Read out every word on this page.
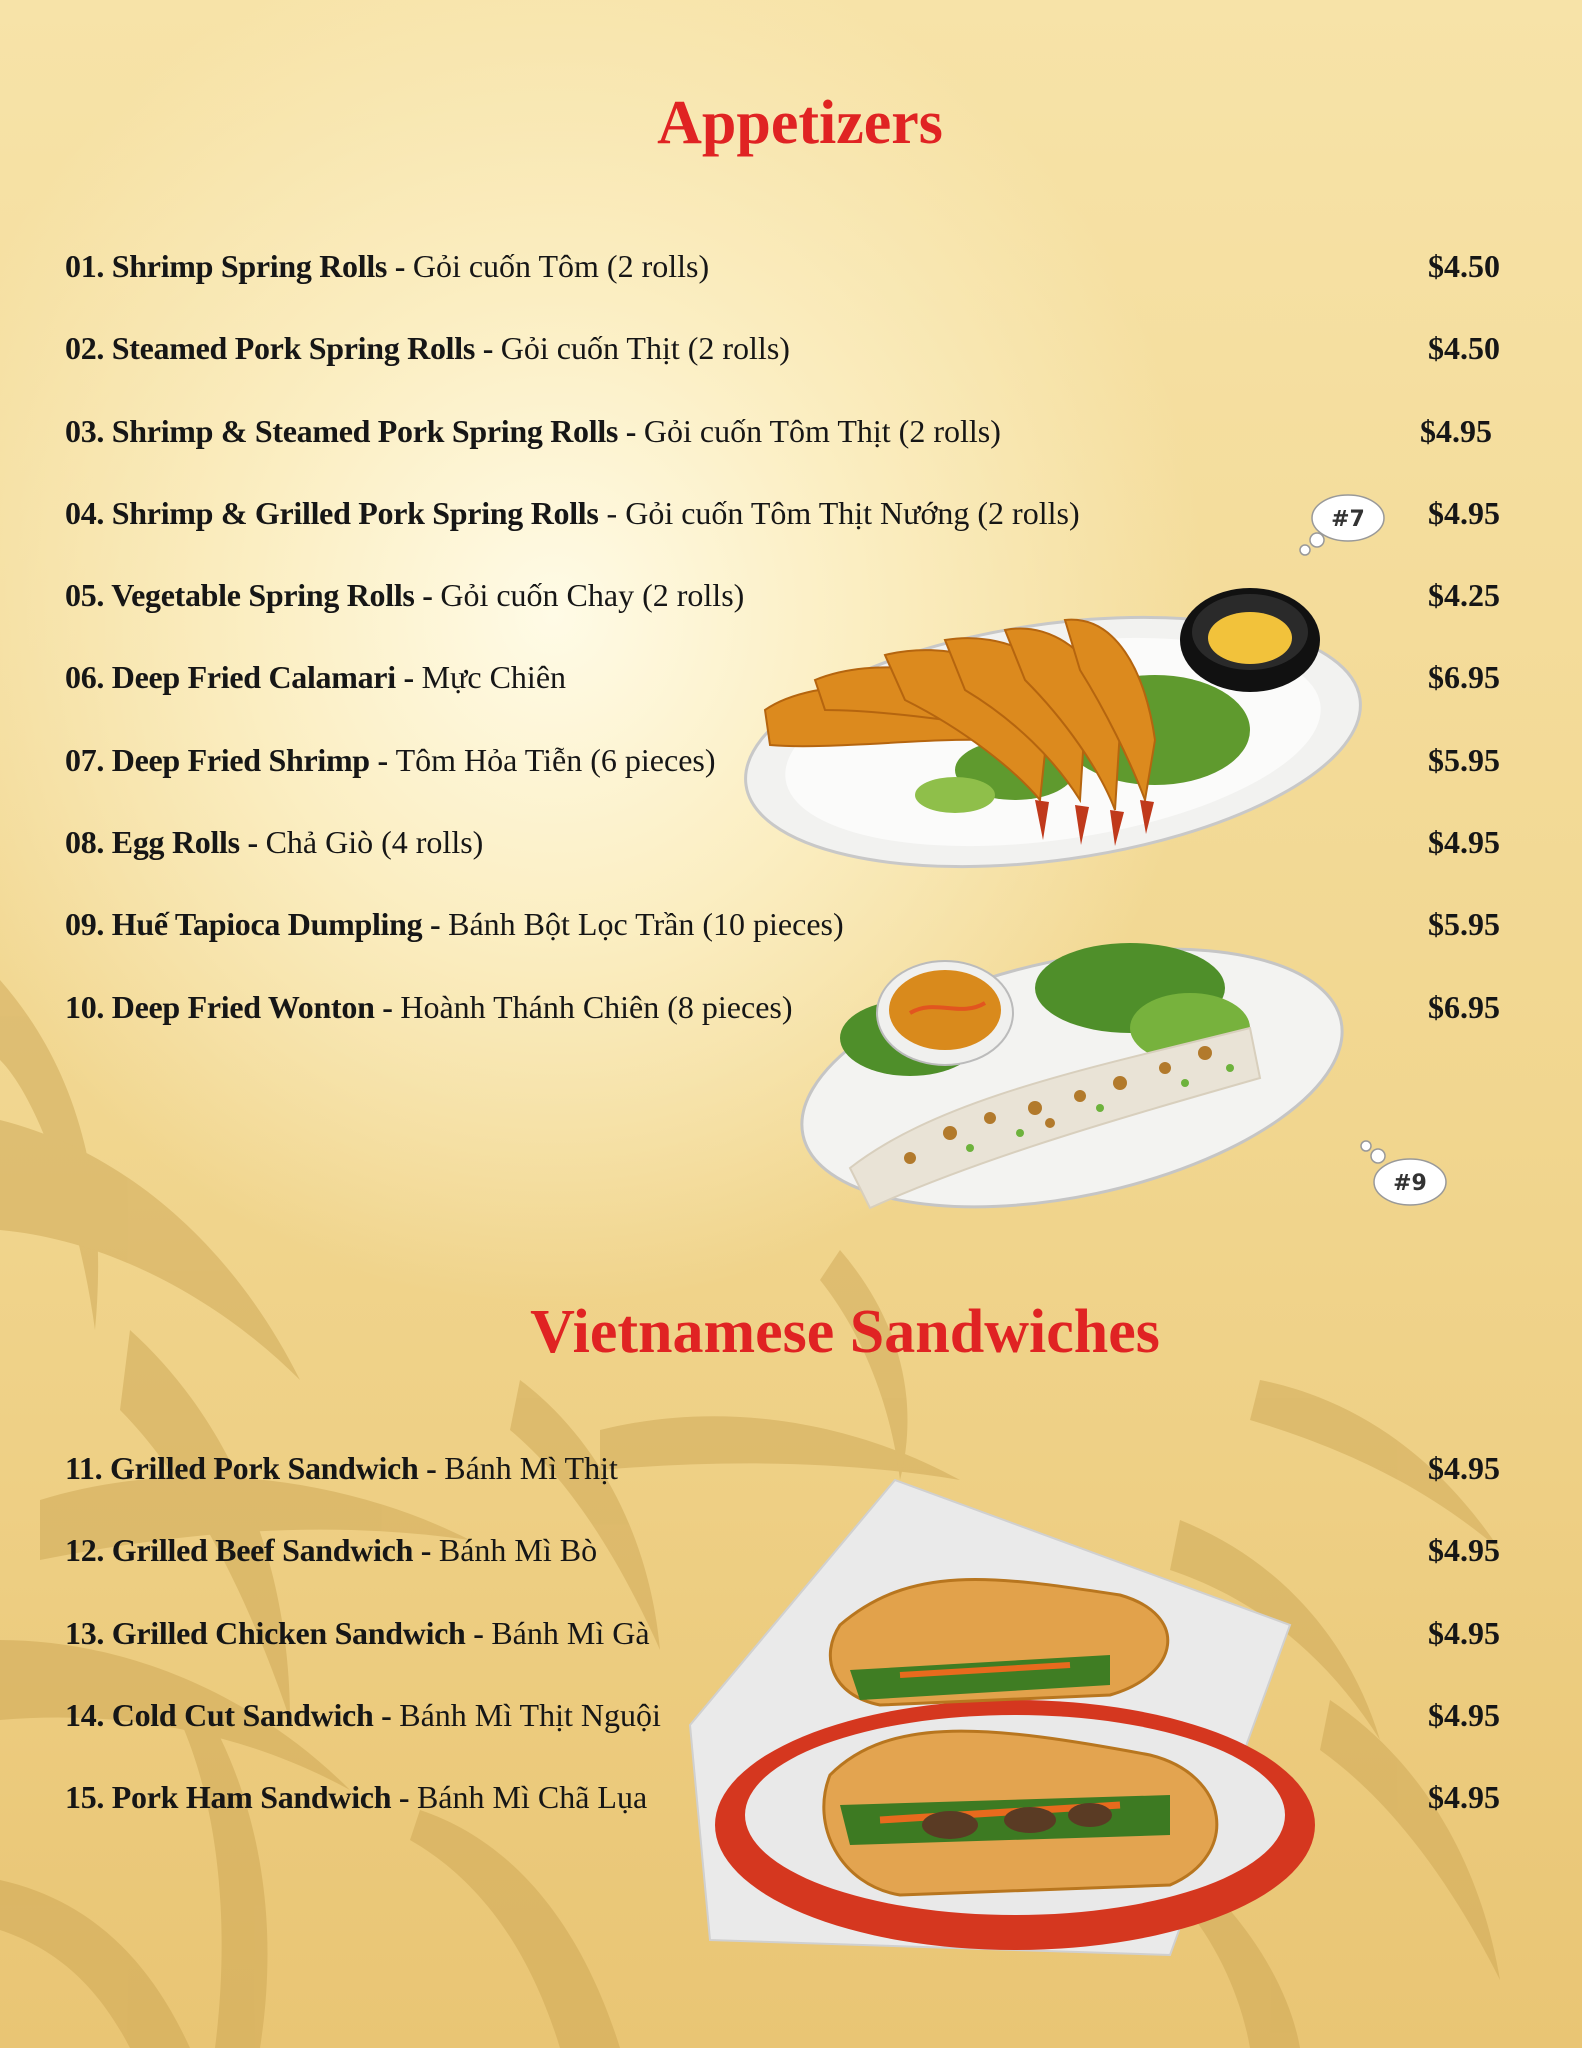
Appetizers
01. Shrimp Spring Rolls - Gỏi cuốn Tôm (2 rolls)	$4.50
02. Steamed Pork Spring Rolls - Gỏi cuốn Thịt (2 rolls)	$4.50
03. Shrimp & Steamed Pork Spring Rolls - Gỏi cuốn Tôm Thịt (2 rolls)	$4.95
04. Shrimp & Grilled Pork Spring Rolls - Gỏi cuốn Tôm Thịt Nướng (2 rolls)	$4.95
05. Vegetable Spring Rolls - Gỏi cuốn Chay (2 rolls)	$4.25
06. Deep Fried Calamari - Mực Chiên	$6.95
07. Deep Fried Shrimp - Tôm Hỏa Tiễn (6 pieces)	$5.95
08. Egg Rolls - Chả Giò (4 rolls)	$4.95
09. Huế Tapioca Dumpling - Bánh Bột Lọc Trần (10 pieces)	$5.95
10. Deep Fried Wonton - Hoành Thánh Chiên (8 pieces)	$6.95
Vietnamese Sandwiches
11. Grilled Pork Sandwich - Bánh Mì Thịt	$4.95
12. Grilled Beef Sandwich - Bánh Mì Bò	$4.95
13. Grilled Chicken Sandwich - Bánh Mì Gà	$4.95
14. Cold Cut Sandwich - Bánh Mì Thịt Nguội	$4.95
15. Pork Ham Sandwich - Bánh Mì Chã Lụa	$4.95
#7
#9
